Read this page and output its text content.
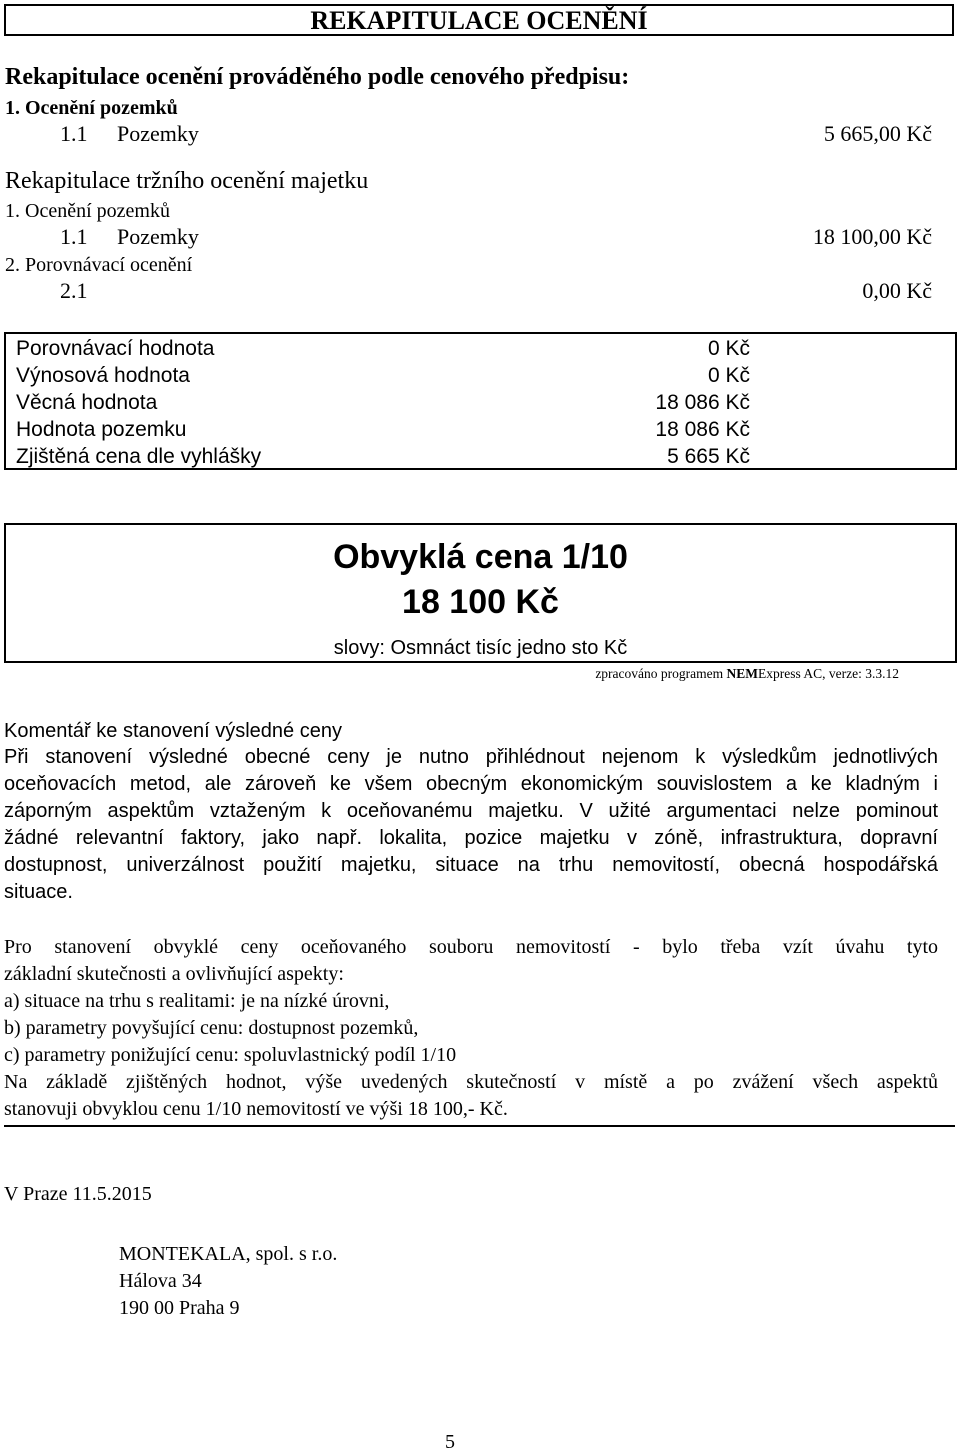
REKAPITULACE OCENĚNÍ
Rekapitulace ocenění prováděného podle cenového předpisu:
1. Ocenění pozemků
1.1 Pozemky	5 665,00 Kč
Rekapitulace tržního ocenění majetku
1. Ocenění pozemků
1.1 Pozemky	18 100,00 Kč
2. Porovnávací ocenění
2.1	0,00 Kč
Porovnávací hodnota	0 Kč
Výnosová hodnota	0 Kč
Věcná hodnota	18 086 Kč
Hodnota pozemku	18 086 Kč
Zjištěná cena dle vyhlášky	5 665 Kč
Obvyklá cena 1/10
18 100 Kč
slovy: Osmnáct tisíc jedno sto Kč
zpracováno programem NEMExpress AC, verze: 3.3.12
Komentář ke stanovení výsledné ceny
Při stanovení výsledné obecné ceny je nutno přihlédnout nejenom k výsledkům jednotlivých
oceňovacích metod, ale zároveň ke všem obecným ekonomickým souvislostem a ke kladným i
záporným aspektům vztaženým k oceňovanému majetku. V užité argumentaci nelze pominout
žádné relevantní faktory, jako např. lokalita, pozice majetku v zóně, infrastruktura, dopravní
dostupnost, univerzálnost použití majetku, situace na trhu nemovitostí, obecná hospodářská
situace.
Pro stanovení obvyklé ceny oceňovaného souboru nemovitostí - bylo třeba vzít úvahu tyto
základní skutečnosti a ovlivňující aspekty:
a) situace na trhu s realitami: je na nízké úrovni,
b) parametry povyšující cenu: dostupnost pozemků,
c) parametry ponižující cenu: spoluvlastnický podíl 1/10
Na základě zjištěných hodnot, výše uvedených skutečností v místě a po zvážení všech aspektů
stanovuji obvyklou cenu 1/10 nemovitostí ve výši 18 100,- Kč.
V Praze 11.5.2015
MONTEKALA, spol. s r.o.
Hálova 34
190 00 Praha 9
5
